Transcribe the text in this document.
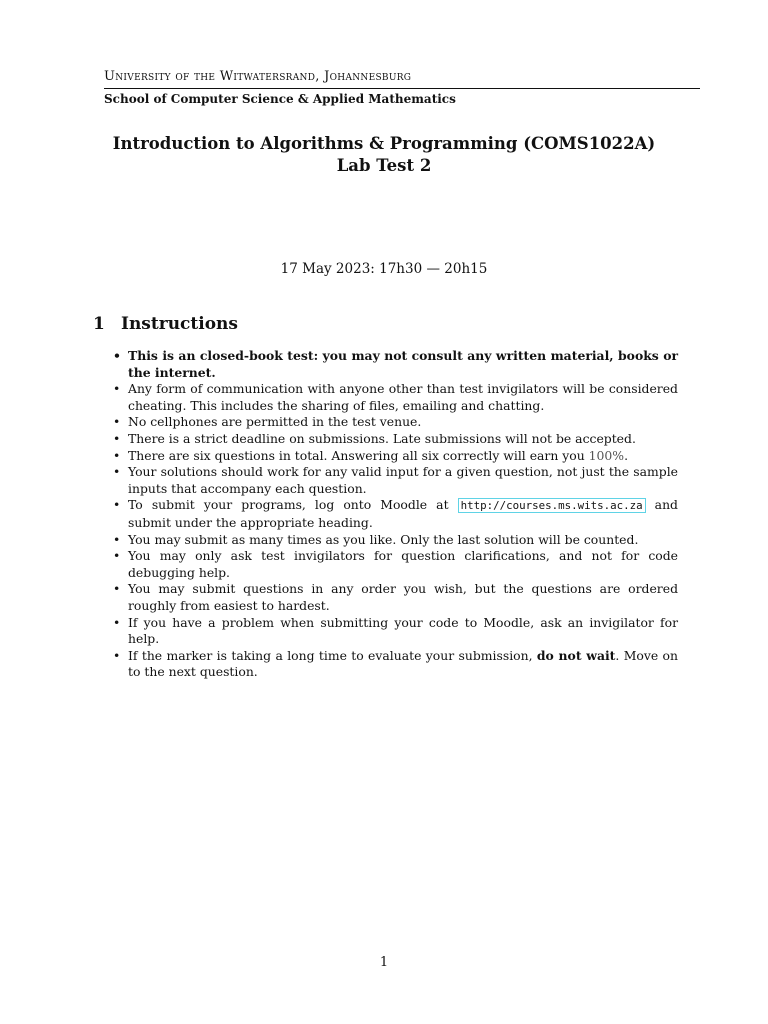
University of the Witwatersrand, Johannesburg
School of Computer Science & Applied Mathematics
Introduction to Algorithms & Programming (COMS1022A)
Lab Test 2
17 May 2023: 17h30 — 20h15
1 Instructions
• This is an closed-book test: you may not consult any written material, books or the internet.
• Any form of communication with anyone other than test invigilators will be considered cheating. This includes the sharing of files, emailing and chatting.
• No cellphones are permitted in the test venue.
• There is a strict deadline on submissions. Late submissions will not be accepted.
• There are six questions in total. Answering all six correctly will earn you 100%.
• Your solutions should work for any valid input for a given question, not just the sample inputs that accompany each question.
• To submit your programs, log onto Moodle at http://courses.ms.wits.ac.za and submit under the appropriate heading.
• You may submit as many times as you like. Only the last solution will be counted.
• You may only ask test invigilators for question clarifications, and not for code debugging help.
• You may submit questions in any order you wish, but the questions are ordered roughly from easiest to hardest.
• If you have a problem when submitting your code to Moodle, ask an invigilator for help.
• If the marker is taking a long time to evaluate your submission, do not wait. Move on to the next question.
1
